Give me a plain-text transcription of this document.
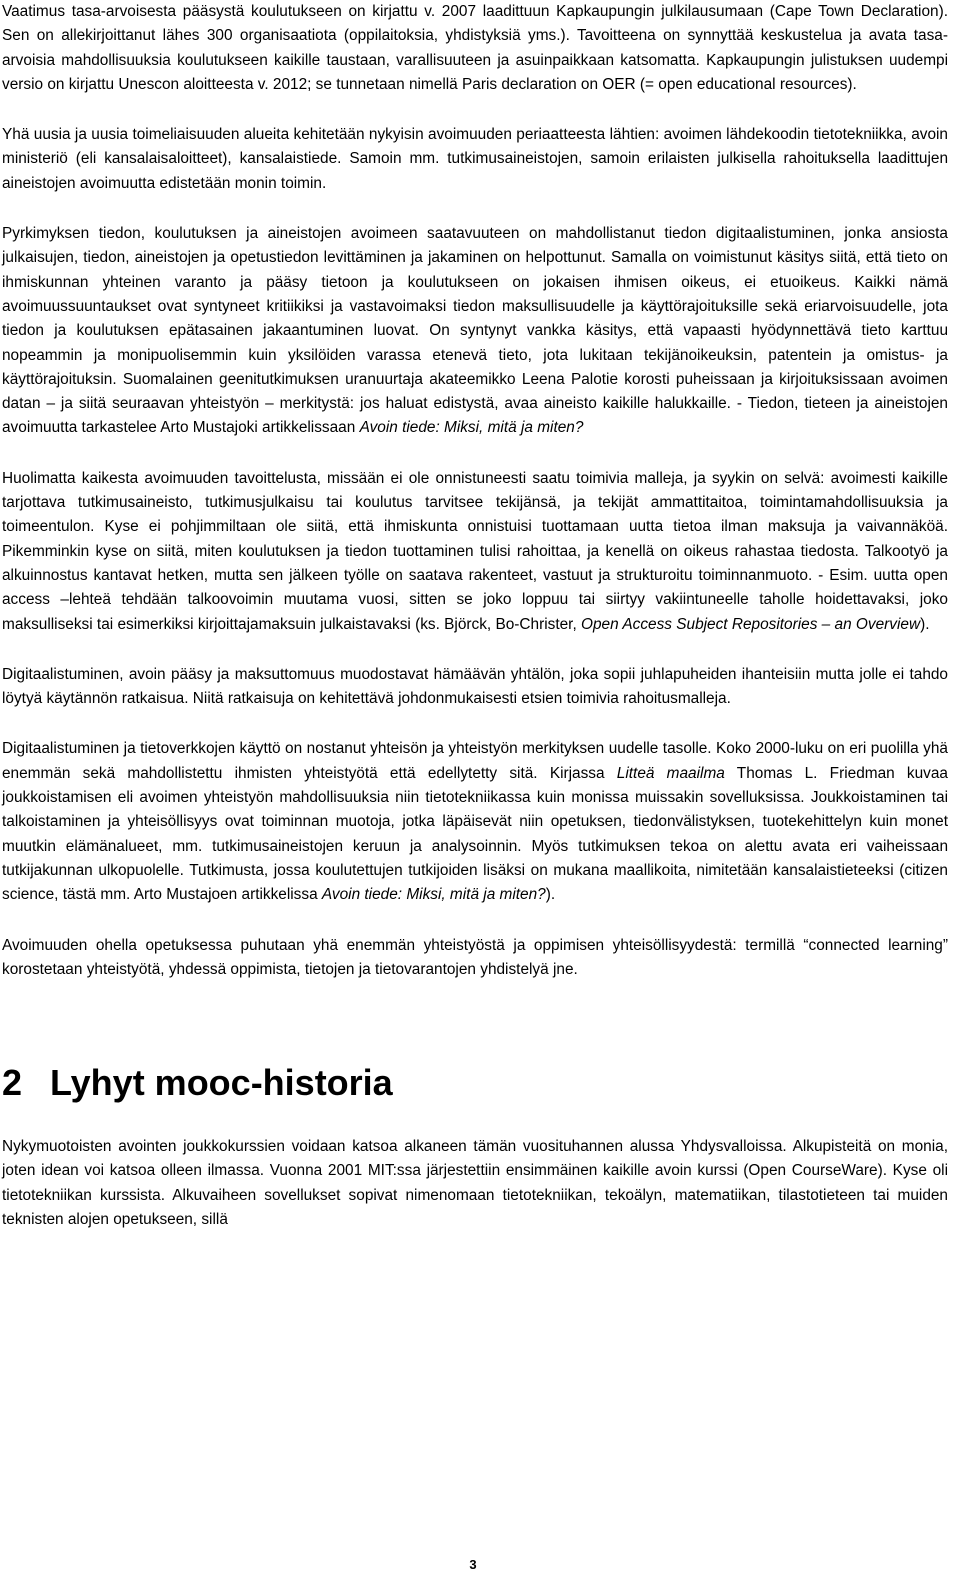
Vaatimus tasa-arvoisesta pääsystä koulutukseen on kirjattu v. 2007 laadittuun Kapkaupungin julkilausumaan (Cape Town Declaration). Sen on allekirjoittanut lähes 300 organisaatiota (oppilaitoksia, yhdistyksiä yms.). Tavoitteena on synnyttää keskustelua ja avata tasa-arvoisia mahdollisuuksia koulutukseen kaikille taustaan, varallisuuteen ja asuinpaikkaan katsomatta. Kapkaupungin julistuksen uudempi versio on kirjattu Unescon aloitteesta v. 2012; se tunnetaan nimellä Paris declaration on OER (= open educational resources).

Yhä uusia ja uusia toimeliaisuuden alueita kehitetään nykyisin avoimuuden periaatteesta lähtien: avoimen lähdekoodin tietotekniikka, avoin ministeriö (eli kansalaisaloitteet), kansalaistiede. Samoin mm. tutkimusaineistojen, samoin erilaisten julkisella rahoituksella laadittujen aineistojen avoimuutta edistetään monin toimin.

Pyrkimyksen tiedon, koulutuksen ja aineistojen avoimeen saatavuuteen on mahdollistanut tiedon digitaalistuminen, jonka ansiosta julkaisujen, tiedon, aineistojen ja opetustiedon levittäminen ja jakaminen on helpottunut. Samalla on voimistunut käsitys siitä, että tieto on ihmiskunnan yhteinen varanto ja pääsy tietoon ja koulutukseen on jokaisen ihmisen oikeus, ei etuoikeus. Kaikki nämä avoimuussuuntaukset ovat syntyneet kritiikiksi ja vastavoimaksi tiedon maksullisuudelle ja käyttörajoituksille sekä eriarvoisuudelle, jota tiedon ja koulutuksen epätasainen jakaantuminen luovat. On syntynyt vankka käsitys, että vapaasti hyödynnettävä tieto karttuu nopeammin ja monipuolisemmin kuin yksilöiden varassa etenevä tieto, jota lukitaan tekijänoikeuksin, patentein ja omistus- ja käyttörajoituksin. Suomalainen geenitutkimuksen uranuurtaja akateemikko Leena Palotie korosti puheissaan ja kirjoituksissaan avoimen datan – ja siitä seuraavan yhteistyön – merkitystä: jos haluat edistystä, avaa aineisto kaikille halukkaille. - Tiedon, tieteen ja aineistojen avoimuutta tarkastelee Arto Mustajoki artikkelissaan Avoin tiede: Miksi, mitä ja miten?

Huolimatta kaikesta avoimuuden tavoittelusta, missään ei ole onnistuneesti saatu toimivia malleja, ja syykin on selvä: avoimesti kaikille tarjottava tutkimusaineisto, tutkimusjulkaisu tai koulutus tarvitsee tekijänsä, ja tekijät ammattitaitoa, toimintamahdollisuuksia ja toimeentulon. Kyse ei pohjimmiltaan ole siitä, että ihmiskunta onnistuisi tuottamaan uutta tietoa ilman maksuja ja vaivannäköä. Pikemminkin kyse on siitä, miten koulutuksen ja tiedon tuottaminen tulisi rahoittaa, ja kenellä on oikeus rahastaa tiedosta. Talkootyö ja alkuinnostus kantavat hetken, mutta sen jälkeen työlle on saatava rakenteet, vastuut ja strukturoitu toiminnanmuoto. - Esim. uutta open access –lehteä tehdään talkoovoimin muutama vuosi, sitten se joko loppuu tai siirtyy vakiintuneelle taholle hoidettavaksi, joko maksulliseksi tai esimerkiksi kirjoittajamaksuin julkaistavaksi (ks. Björck, Bo-Christer, Open Access Subject Repositories – an Overview).

Digitaalistuminen, avoin pääsy ja maksuttomuus muodostavat hämäävän yhtälön, joka sopii juhlapuheiden ihanteisiin mutta jolle ei tahdo löytyä käytännön ratkaisua. Niitä ratkaisuja on kehitettävä johdonmukaisesti etsien toimivia rahoitusmalleja.

Digitaalistuminen ja tietoverkkojen käyttö on nostanut yhteisön ja yhteistyön merkityksen uudelle tasolle. Koko 2000-luku on eri puolilla yhä enemmän sekä mahdollistettu ihmisten yhteistyötä että edellytetty sitä. Kirjassa Litteä maailma Thomas L. Friedman kuvaa joukkoistamisen eli avoimen yhteistyön mahdollisuuksia niin tietotekniikassa kuin monissa muissakin sovelluksissa. Joukkoistaminen tai talkoistaminen ja yhteisöllisyys ovat toiminnan muotoja, jotka läpäisevät niin opetuksen, tiedonvälistyksen, tuotekehittelyn kuin monet muutkin elämänalueet, mm. tutkimusaineistojen keruun ja analysoinnin. Myös tutkimuksen tekoa on alettu avata eri vaiheissaan tutkijakunnan ulkopuolelle. Tutkimusta, jossa koulutettujen tutkijoiden lisäksi on mukana maallikoita, nimitetään kansalaistieteeksi (citizen science, tästä mm. Arto Mustajoen artikkelissa Avoin tiede: Miksi, mitä ja miten?).

Avoimuuden ohella opetuksessa puhutaan yhä enemmän yhteistyöstä ja oppimisen yhteisöllisyydestä: termillä “connected learning” korostetaan yhteistyötä, yhdessä oppimista, tietojen ja tietovarantojen yhdistelyä jne.

2 Lyhyt mooc-historia

Nykymuotoisten avointen joukkokurssien voidaan katsoa alkaneen tämän vuosituhannen alussa Yhdysvalloissa. Alkupisteitä on monia, joten idean voi katsoa olleen ilmassa. Vuonna 2001 MIT:ssa järjestettiin ensimmäinen kaikille avoin kurssi (Open CourseWare). Kyse oli tietotekniikan kurssista. Alkuvaiheen sovellukset sopivat nimenomaan tietotekniikan, tekoälyn, matematiikan, tilastotieteen tai muiden teknisten alojen opetukseen, sillä

3
